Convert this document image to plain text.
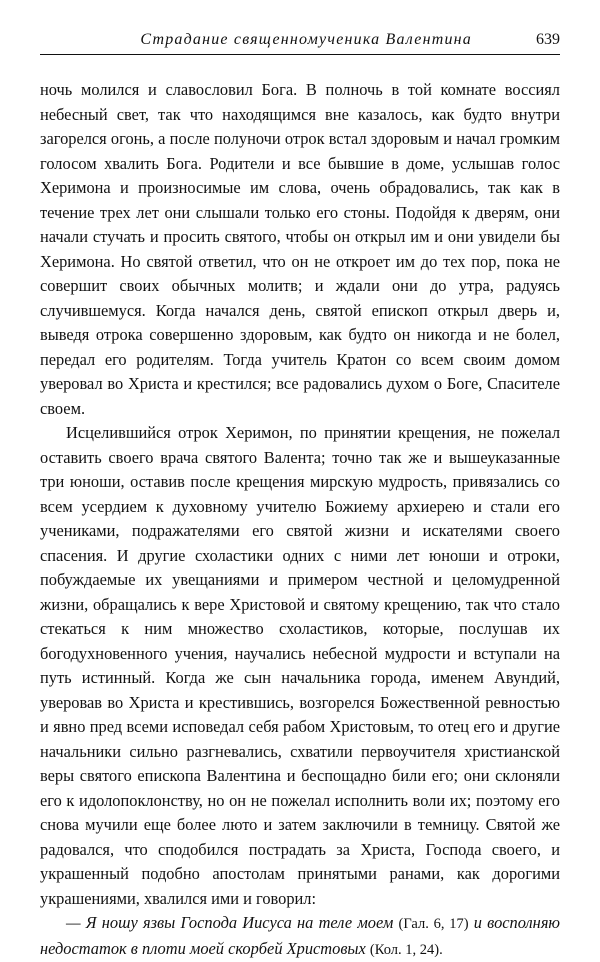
Страдание священномученика Валентина	639

ночь молился и славословил Бога. В полночь в той комнате воссиял небесный свет, так что находящимся вне казалось, как будто внутри загорелся огонь, а после полуночи отрок встал здоровым и начал громким голосом хвалить Бога. Родители и все бывшие в доме, услышав голос Херимона и произносимые им слова, очень обрадовались, так как в течение трех лет они слышали только его стоны. Подойдя к дверям, они начали стучать и просить святого, чтобы он открыл им и они увидели бы Херимона. Но святой ответил, что он не откроет им до тех пор, пока не совершит своих обычных молитв; и ждали они до утра, радуясь случившемуся. Когда начался день, святой епископ открыл дверь и, выведя отрока совершенно здоровым, как будто он никогда и не болел, передал его родителям. Тогда учитель Кратон со всем своим домом уверовал во Христа и крестился; все радовались духом о Боге, Спасителе своем.

Исцелившийся отрок Херимон, по принятии крещения, не пожелал оставить своего врача святого Валента; точно так же и вышеуказанные три юноши, оставив после крещения мирскую мудрость, привязались со всем усердием к духовному учителю Божиему архиерею и стали его учениками, подражателями его святой жизни и искателями своего спасения. И другие схоластики одних с ними лет юноши и отроки, побуждаемые их увещаниями и примером честной и целомудренной жизни, обращались к вере Христовой и святому крещению, так что стало стекаться к ним множество схоластиков, которые, послушав их богодухновенного учения, научались небесной мудрости и вступали на путь истинный. Когда же сын начальника города, именем Авундий, уверовав во Христа и крестившись, возгорелся Божественной ревностью и явно пред всеми исповедал себя рабом Христовым, то отец его и другие начальники сильно разгневались, схватили первоучителя христианской веры святого епископа Валентина и беспощадно били его; они склоняли его к идолопоклонству, но он не пожелал исполнить воли их; поэтому его снова мучили еще более люто и затем заключили в темницу. Святой же радовался, что сподобился пострадать за Христа, Господа своего, и украшенный подобно апостолам принятыми ранами, как дорогими украшениями, хвалился ими и говорил:

— Я ношу язвы Господа Иисуса на теле моем (Гал. 6, 17) и восполняю недостаток в плоти моей скорбей Христовых (Кол. 1, 24).
